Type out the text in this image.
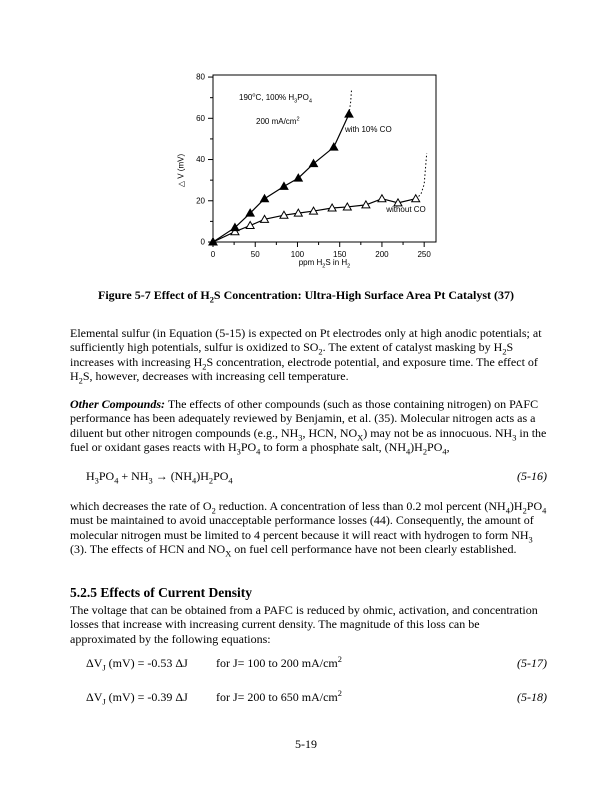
0	50	100	150	200	250
0
20
40
60
80
190$^o$C, 100% $H_3PO_4$
200 $mA/cm^2$
with 10% CO
without CO
ppm $H_2S$ in $H_2$
△ V (mV)

Figure 5-7 Effect of $H_2S$ Concentration: Ultra-High Surface Area Pt Catalyst (37)

Elemental sulfur (in Equation (5-15) is expected on Pt electrodes only at high anodic potentials; at sufficiently high potentials, sulfur is oxidized to $SO_2$. The extent of catalyst masking by $H_2S$ increases with increasing $H_2S$ concentration, electrode potential, and exposure time. The effect of $H_2S$, however, decreases with increasing cell temperature.

Other Compounds: The effects of other compounds (such as those containing nitrogen) on PAFC performance has been adequately reviewed by Benjamin, et al. (35). Molecular nitrogen acts as a diluent but other nitrogen compounds (e.g., $NH_3$, HCN, $NO_X$) may not be as innocuous. $NH_3$ in the fuel or oxidant gases reacts with $H_3PO_4$ to form a phosphate salt, $(NH_4)H_2PO_4$,

$H_3PO_4 + NH_3 \to (NH_4)H_2PO_4$	(5-16)

which decreases the rate of $O_2$ reduction. A concentration of less than 0.2 mol percent $(NH_4)H_2PO_4$ must be maintained to avoid unacceptable performance losses (44). Consequently, the amount of molecular nitrogen must be limited to 4 percent because it will react with hydrogen to form $NH_3$ (3). The effects of HCN and $NO_X$ on fuel cell performance have not been clearly established.

5.2.5 Effects of Current Density

The voltage that can be obtained from a PAFC is reduced by ohmic, activation, and concentration losses that increase with increasing current density. The magnitude of this loss can be approximated by the following equations:

$\Delta V_J$ (mV) = -0.53 ΔJ	for J= 100 to 200 $mA/cm^2$	(5-17)
$\Delta V_J$ (mV) = -0.39 ΔJ	for J= 200 to 650 $mA/cm^2$	(5-18)
5-19
